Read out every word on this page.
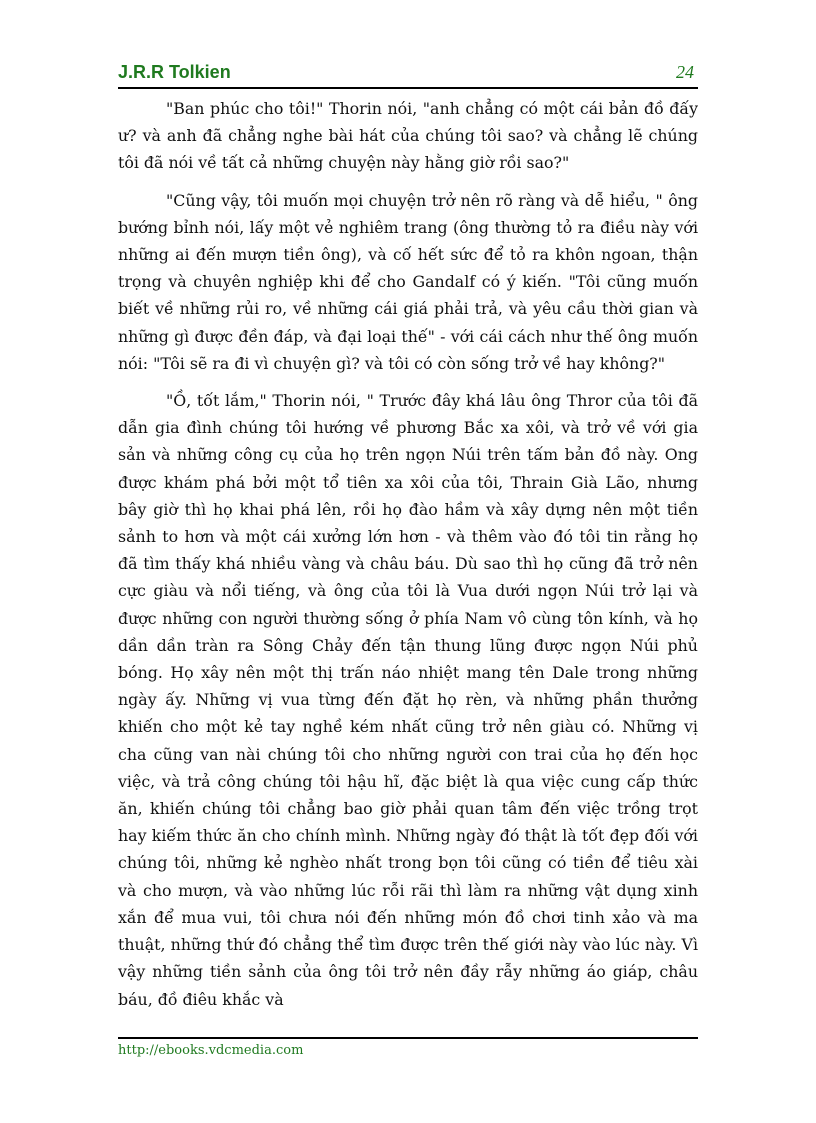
J.R.R Tolkien	24

"Ban phúc cho tôi!" Thorin nói, "anh chẳng có một cái bản đồ đấy ư? và anh đã chẳng nghe bài hát của chúng tôi sao? và chẳng lẽ chúng tôi đã nói về tất cả những chuyện này hằng giờ rồi sao?"

"Cũng vậy, tôi muốn mọi chuyện trở nên rõ ràng và dễ hiểu, " ông bướng bỉnh nói, lấy một vẻ nghiêm trang (ông thường tỏ ra điều này với những ai đến mượn tiền ông), và cố hết sức để tỏ ra khôn ngoan, thận trọng và chuyên nghiệp khi để cho Gandalf có ý kiến. "Tôi cũng muốn biết về những rủi ro, về những cái giá phải trả, và yêu cầu thời gian và những gì được đền đáp, và đại loại thế" - với cái cách như thế ông muốn nói: "Tôi sẽ ra đi vì chuyện gì? và tôi có còn sống trở về hay không?"

"Ồ, tốt lắm," Thorin nói, " Trước đây khá lâu ông Thror của tôi đã dẫn gia đình chúng tôi hướng về phương Bắc xa xôi, và trở về với gia sản và những công cụ của họ trên ngọn Núi trên tấm bản đồ này. Ong được khám phá bởi một tổ tiên xa xôi của tôi, Thrain Già Lão, nhưng bây giờ thì họ khai phá lên, rồi họ đào hầm và xây dựng nên một tiền sảnh to hơn và một cái xưởng lớn hơn - và thêm vào đó tôi tin rằng họ đã tìm thấy khá nhiều vàng và châu báu. Dù sao thì họ cũng đã trở nên cực giàu và nổi tiếng, và ông của tôi là Vua dưới ngọn Núi trở lại và được những con người thường sống ở phía Nam vô cùng tôn kính, và họ dần dần tràn ra Sông Chảy đến tận thung lũng được ngọn Núi phủ bóng. Họ xây nên một thị trấn náo nhiệt mang tên Dale trong những ngày ấy. Những vị vua từng đến đặt họ rèn, và những phần thưởng khiến cho một kẻ tay nghề kém nhất cũng trở nên giàu có. Những vị cha cũng van nài chúng tôi cho những người con trai của họ đến học việc, và trả công chúng tôi hậu hĩ, đặc biệt là qua việc cung cấp thức ăn, khiến chúng tôi chẳng bao giờ phải quan tâm đến việc trồng trọt hay kiếm thức ăn cho chính mình. Những ngày đó thật là tốt đẹp đối với chúng tôi, những kẻ nghèo nhất trong bọn tôi cũng có tiền để tiêu xài và cho mượn, và vào những lúc rỗi rãi thì làm ra những vật dụng xinh xắn để mua vui, tôi chưa nói đến những món đồ chơi tinh xảo và ma thuật, những thứ đó chẳng thể tìm được trên thế giới này vào lúc này. Vì vậy những tiền sảnh của ông tôi trở nên đầy rẫy những áo giáp, châu báu, đồ điêu khắc và

http://ebooks.vdcmedia.com
